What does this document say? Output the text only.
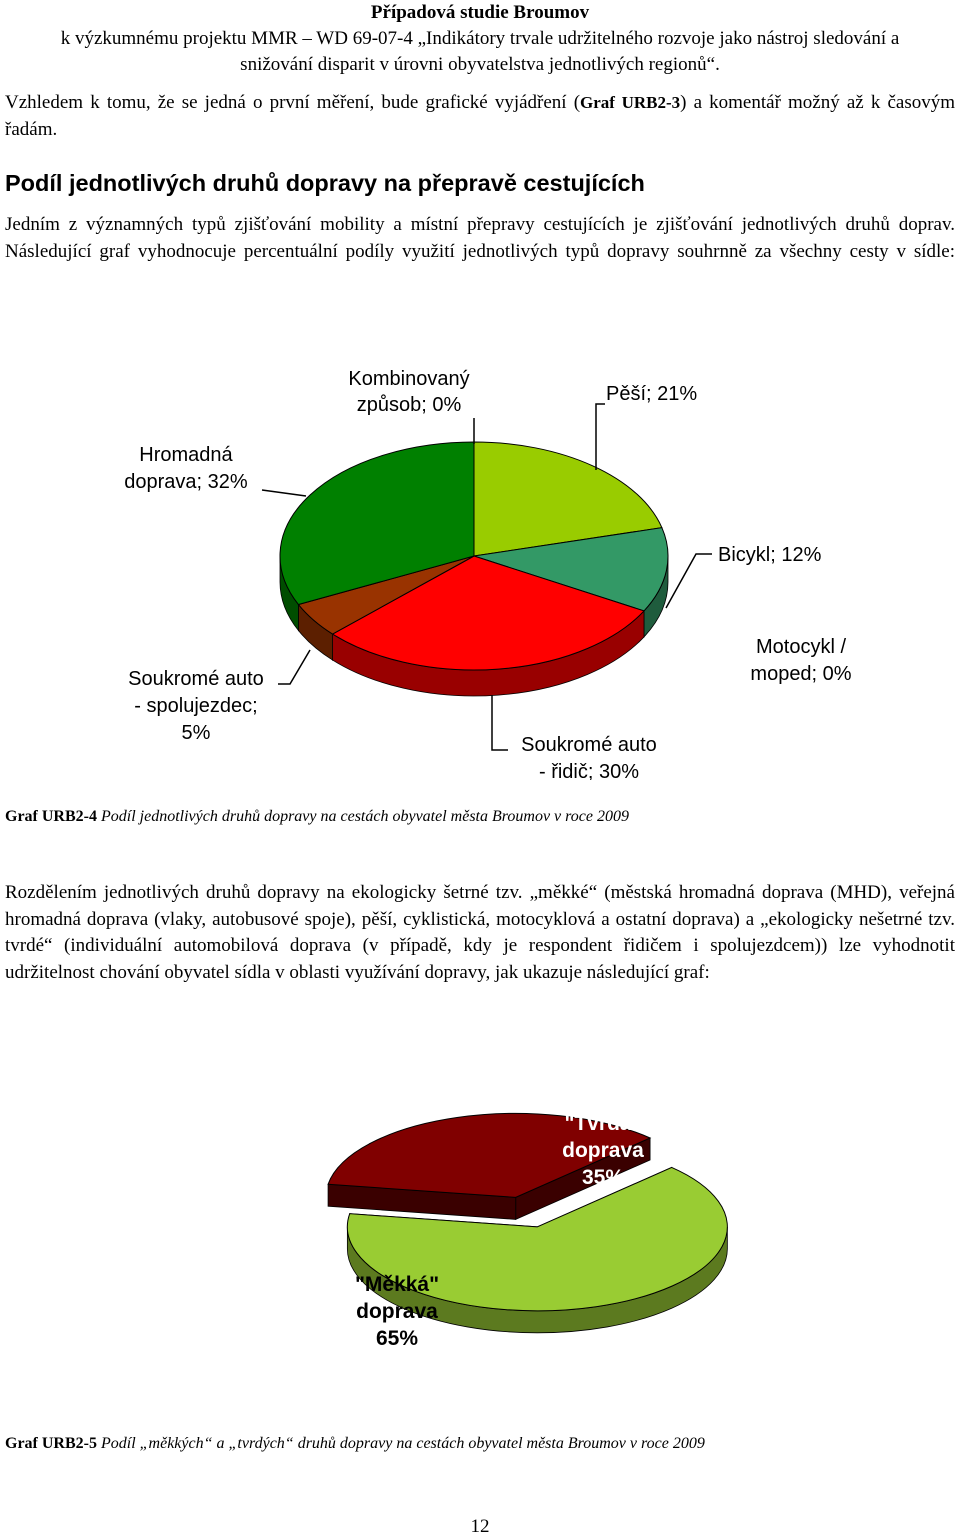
Případová studie Broumov
k výzkumnému projektu MMR – WD 69-07-4 „Indikátory trvale udržitelného rozvoje jako nástroj sledování a
snižování disparit v úrovni obyvatelstva jednotlivých regionů“.
Vzhledem k tomu, že se jedná o první měření, bude grafické vyjádření (Graf URB2-3) a komentář možný až k časovým řadám.
Podíl jednotlivých druhů dopravy na přepravě cestujících
Jedním z významných typů zjišťování mobility a místní přepravy cestujících je zjišťování jednotlivých druhů doprav. Následující graf vyhodnocuje percentuální podíly využití jednotlivých typů dopravy souhrnně za všechny cesty v sídle:
Kombinovaný
způsob; 0%	Pěší; 21%
Hromadná
doprava; 32%
Bicykl; 12%
Soukromé auto
- spolujezdec;
5%
Motocykl /
moped; 0%
Soukromé auto
- řidič; 30%
Graf URB2-4 Podíl jednotlivých druhů dopravy na cestách obyvatel města Broumov v roce 2009
Rozdělením jednotlivých druhů dopravy na ekologicky šetrné tzv. „měkké“ (městská hromadná doprava (MHD), veřejná hromadná doprava (vlaky, autobusové spoje), pěší, cyklistická, motocyklová a ostatní doprava) a „ekologicky nešetrné tzv. tvrdé“ (individuální automobilová doprava (v případě, kdy je respondent řidičem i spolujezdcem)) lze vyhodnotit udržitelnost chování obyvatel sídla v oblasti využívání dopravy, jak ukazuje následující graf:
"Tvrdá"
doprava
35%
"Měkká"
doprava
65%
Graf URB2-5 Podíl „měkkých“ a „tvrdých“ druhů dopravy na cestách obyvatel města Broumov v roce 2009
12
